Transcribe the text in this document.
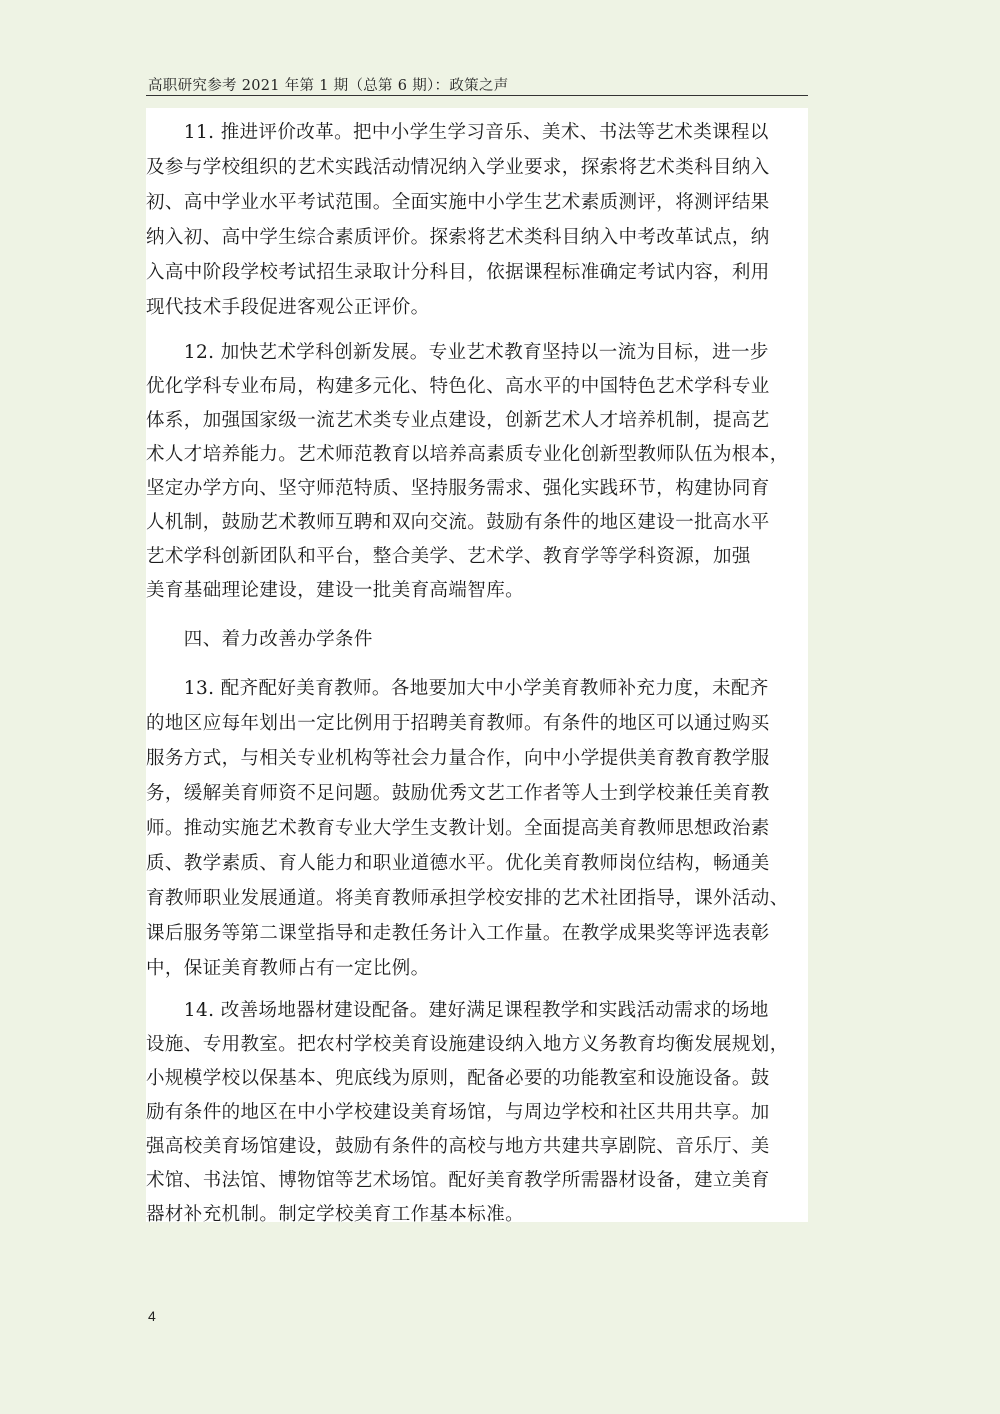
高职研究参考 2021 年第 1 期（总第 6 期）：政策之声
　　11. 推进评价改革。把中小学生学习音乐、美术、书法等艺术类课程以
及参与学校组织的艺术实践活动情况纳入学业要求，探索将艺术类科目纳入
初、高中学业水平考试范围。全面实施中小学生艺术素质测评，将测评结果
纳入初、高中学生综合素质评价。探索将艺术类科目纳入中考改革试点，纳
入高中阶段学校考试招生录取计分科目，依据课程标准确定考试内容，利用
现代技术手段促进客观公正评价。
　　12. 加快艺术学科创新发展。专业艺术教育坚持以一流为目标，进一步
优化学科专业布局，构建多元化、特色化、高水平的中国特色艺术学科专业
体系，加强国家级一流艺术类专业点建设，创新艺术人才培养机制，提高艺
术人才培养能力。艺术师范教育以培养高素质专业化创新型教师队伍为根本，
坚定办学方向、坚守师范特质、坚持服务需求、强化实践环节，构建协同育
人机制，鼓励艺术教师互聘和双向交流。鼓励有条件的地区建设一批高水平
艺术学科创新团队和平台，整合美学、艺术学、教育学等学科资源，加强
美育基础理论建设，建设一批美育高端智库。
　　四、着力改善办学条件
　　13. 配齐配好美育教师。各地要加大中小学美育教师补充力度，未配齐
的地区应每年划出一定比例用于招聘美育教师。有条件的地区可以通过购买
服务方式，与相关专业机构等社会力量合作，向中小学提供美育教育教学服
务，缓解美育师资不足问题。鼓励优秀文艺工作者等人士到学校兼任美育教
师。推动实施艺术教育专业大学生支教计划。全面提高美育教师思想政治素
质、教学素质、育人能力和职业道德水平。优化美育教师岗位结构，畅通美
育教师职业发展通道。将美育教师承担学校安排的艺术社团指导，课外活动、
课后服务等第二课堂指导和走教任务计入工作量。在教学成果奖等评选表彰
中，保证美育教师占有一定比例。
　　14. 改善场地器材建设配备。建好满足课程教学和实践活动需求的场地
设施、专用教室。把农村学校美育设施建设纳入地方义务教育均衡发展规划，
小规模学校以保基本、兜底线为原则，配备必要的功能教室和设施设备。鼓
励有条件的地区在中小学校建设美育场馆，与周边学校和社区共用共享。加
强高校美育场馆建设，鼓励有条件的高校与地方共建共享剧院、音乐厅、美
术馆、书法馆、博物馆等艺术场馆。配好美育教学所需器材设备，建立美育
器材补充机制。制定学校美育工作基本标准。
4
